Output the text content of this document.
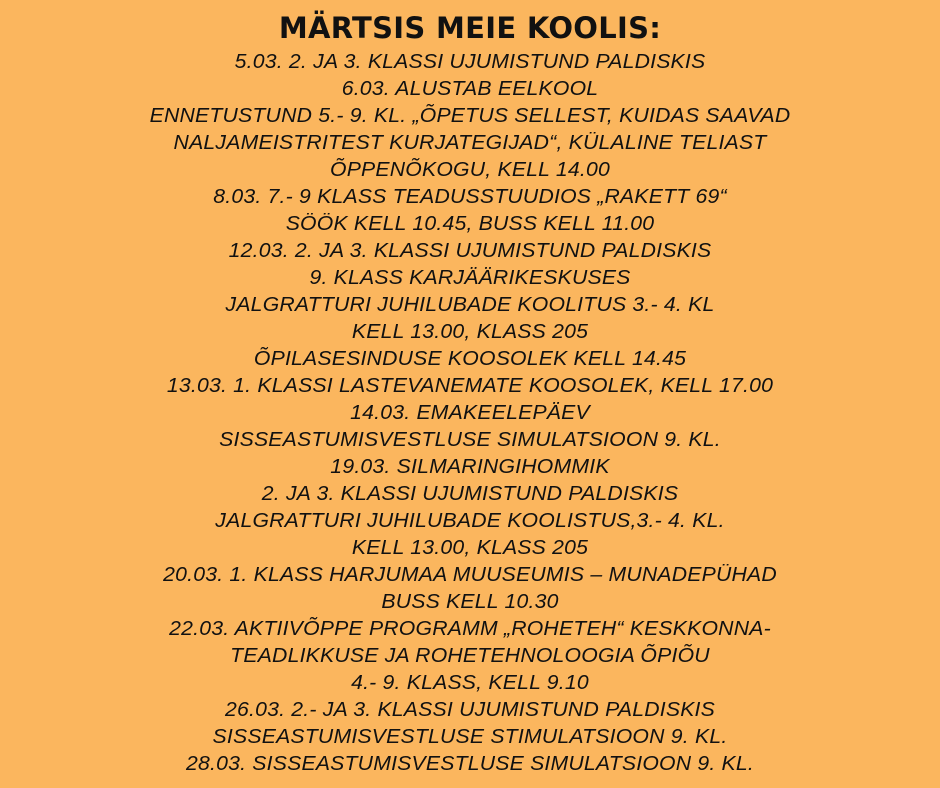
MÄRTSIS MEIE KOOLIS:
5.03. 2. JA 3. KLASSI UJUMISTUND PALDISKIS
6.03. ALUSTAB EELKOOL
ENNETUSTUND 5.- 9. KL. „ÕPETUS SELLEST, KUIDAS SAAVAD
NALJAMEISTRITEST KURJATEGIJAD“, KÜLALINE TELIAST
ÕPPENÕKOGU, KELL 14.00
8.03. 7.- 9 KLASS TEADUSSTUUDIOS „RAKETT 69“
SÖÖK KELL 10.45, BUSS KELL 11.00
12.03. 2. JA 3. KLASSI UJUMISTUND PALDISKIS
9. KLASS KARJÄÄRIKESKUSES
JALGRATTURI JUHILUBADE KOOLITUS 3.- 4. KL
KELL 13.00, KLASS 205
ÕPILASESINDUSE KOOSOLEK KELL 14.45
13.03. 1. KLASSI LASTEVANEMATE KOOSOLEK, KELL 17.00
14.03. EMAKEELEPÄEV
SISSEASTUMISVESTLUSE SIMULATSIOON 9. KL.
19.03. SILMARINGIHOMMIK
2. JA 3. KLASSI UJUMISTUND PALDISKIS
JALGRATTURI JUHILUBADE KOOLISTUS,3.- 4. KL.
KELL 13.00, KLASS 205
20.03. 1. KLASS HARJUMAA MUUSEUMIS – MUNADEPÜHAD
BUSS KELL 10.30
22.03. AKTIIVÕPPE PROGRAMM „ROHETEH“ KESKKONNA-
TEADLIKKUSE JA ROHETEHNOLOOGIA ÕPIÕU
4.- 9. KLASS, KELL 9.10
26.03. 2.- JA 3. KLASSI UJUMISTUND PALDISKIS
SISSEASTUMISVESTLUSE STIMULATSIOON 9. KL.
28.03. SISSEASTUMISVESTLUSE SIMULATSIOON 9. KL.
